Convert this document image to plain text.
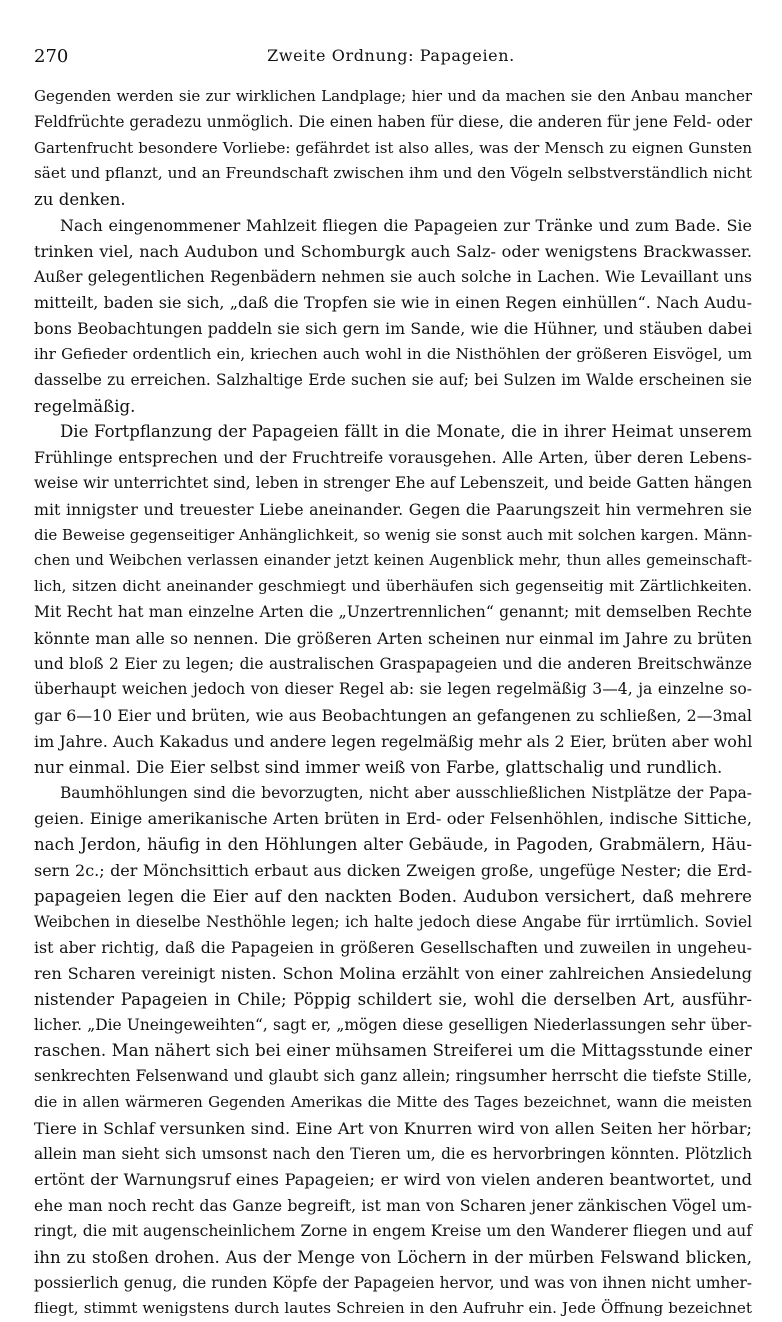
270	Zweite Ordnung: Papageien.
Gegenden werden sie zur wirklichen Landplage; hier und da machen sie den Anbau mancher
Feldfrüchte geradezu unmöglich. Die einen haben für diese, die anderen für jene Feld- oder
Gartenfrucht besondere Vorliebe: gefährdet ist also alles, was der Mensch zu eignen Gunsten
säet und pflanzt, und an Freundschaft zwischen ihm und den Vögeln selbstverständlich nicht
zu denken.
Nach eingenommener Mahlzeit fliegen die Papageien zur Tränke und zum Bade. Sie
trinken viel, nach Audubon und Schomburgk auch Salz- oder wenigstens Brackwasser.
Außer gelegentlichen Regenbädern nehmen sie auch solche in Lachen. Wie Levaillant uns
mitteilt, baden sie sich, „daß die Tropfen sie wie in einen Regen einhüllen“. Nach Audu-
bons Beobachtungen paddeln sie sich gern im Sande, wie die Hühner, und stäuben dabei
ihr Gefieder ordentlich ein, kriechen auch wohl in die Nisthöhlen der größeren Eisvögel, um
dasselbe zu erreichen. Salzhaltige Erde suchen sie auf; bei Sulzen im Walde erscheinen sie
regelmäßig.
Die Fortpflanzung der Papageien fällt in die Monate, die in ihrer Heimat unserem
Frühlinge entsprechen und der Fruchtreife vorausgehen. Alle Arten, über deren Lebens-
weise wir unterrichtet sind, leben in strenger Ehe auf Lebenszeit, und beide Gatten hängen
mit innigster und treuester Liebe aneinander. Gegen die Paarungszeit hin vermehren sie
die Beweise gegenseitiger Anhänglichkeit, so wenig sie sonst auch mit solchen kargen. Männ-
chen und Weibchen verlassen einander jetzt keinen Augenblick mehr, thun alles gemeinschaft-
lich, sitzen dicht aneinander geschmiegt und überhäufen sich gegenseitig mit Zärtlichkeiten.
Mit Recht hat man einzelne Arten die „Unzertrennlichen“ genannt; mit demselben Rechte
könnte man alle so nennen. Die größeren Arten scheinen nur einmal im Jahre zu brüten
und bloß 2 Eier zu legen; die australischen Graspapageien und die anderen Breitschwänze
überhaupt weichen jedoch von dieser Regel ab: sie legen regelmäßig 3—4, ja einzelne so-
gar 6—10 Eier und brüten, wie aus Beobachtungen an gefangenen zu schließen, 2—3mal
im Jahre. Auch Kakadus und andere legen regelmäßig mehr als 2 Eier, brüten aber wohl
nur einmal. Die Eier selbst sind immer weiß von Farbe, glattschalig und rundlich.
Baumhöhlungen sind die bevorzugten, nicht aber ausschließlichen Nistplätze der Papa-
geien. Einige amerikanische Arten brüten in Erd- oder Felsenhöhlen, indische Sittiche,
nach Jerdon, häufig in den Höhlungen alter Gebäude, in Pagoden, Grabmälern, Häu-
sern 2c.; der Mönchsittich erbaut aus dicken Zweigen große, ungefüge Nester; die Erd-
papageien legen die Eier auf den nackten Boden. Audubon versichert, daß mehrere
Weibchen in dieselbe Nesthöhle legen; ich halte jedoch diese Angabe für irrtümlich. Soviel
ist aber richtig, daß die Papageien in größeren Gesellschaften und zuweilen in ungeheu-
ren Scharen vereinigt nisten. Schon Molina erzählt von einer zahlreichen Ansiedelung
nistender Papageien in Chile; Pöppig schildert sie, wohl die derselben Art, ausführ-
licher. „Die Uneingeweihten“, sagt er, „mögen diese geselligen Niederlassungen sehr über-
raschen. Man nähert sich bei einer mühsamen Streiferei um die Mittagsstunde einer
senkrechten Felsenwand und glaubt sich ganz allein; ringsumher herrscht die tiefste Stille,
die in allen wärmeren Gegenden Amerikas die Mitte des Tages bezeichnet, wann die meisten
Tiere in Schlaf versunken sind. Eine Art von Knurren wird von allen Seiten her hörbar;
allein man sieht sich umsonst nach den Tieren um, die es hervorbringen könnten. Plötzlich
ertönt der Warnungsruf eines Papageien; er wird von vielen anderen beantwortet, und
ehe man noch recht das Ganze begreift, ist man von Scharen jener zänkischen Vögel um-
ringt, die mit augenscheinlichem Zorne in engem Kreise um den Wanderer fliegen und auf
ihn zu stoßen drohen. Aus der Menge von Löchern in der mürben Felswand blicken,
possierlich genug, die runden Köpfe der Papageien hervor, und was von ihnen nicht umher-
fliegt, stimmt wenigstens durch lautes Schreien in den Aufruhr ein. Jede Öffnung bezeichnet
